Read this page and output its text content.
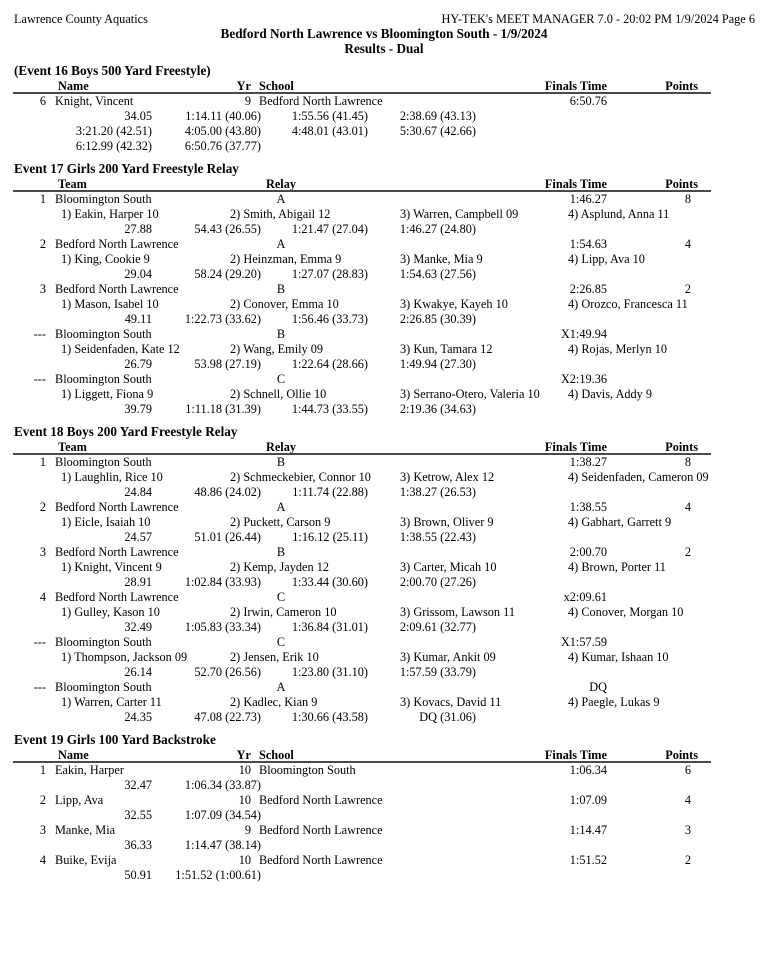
Lawrence County Aquatics	HY-TEK's MEET MANAGER 7.0 - 20:02 PM 1/9/2024 Page 6
Bedford North Lawrence vs Bloomington South - 1/9/2024
Results - Dual
(Event 16 Boys 500 Yard Freestyle)
Name	Yr School	Finals Time	Points
6 Knight, Vincent	9 Bedford North Lawrence	6:50.76
34.05	1:14.11 (40.06)	1:55.56 (41.45)	2:38.69 (43.13)
3:21.20 (42.51)	4:05.00 (43.80)	4:48.01 (43.01)	5:30.67 (42.66)
6:12.99 (42.32)	6:50.76 (37.77)
Event 17 Girls 200 Yard Freestyle Relay
Team	Relay	Finals Time	Points
1 Bloomington South	A	1:46.27	8
1) Eakin, Harper 10	2) Smith, Abigail 12	3) Warren, Campbell 09	4) Asplund, Anna 11
27.88	54.43 (26.55)	1:21.47 (27.04)	1:46.27 (24.80)
2 Bedford North Lawrence	A	1:54.63	4
1) King, Cookie 9	2) Heinzman, Emma 9	3) Manke, Mia 9	4) Lipp, Ava 10
29.04	58.24 (29.20)	1:27.07 (28.83)	1:54.63 (27.56)
3 Bedford North Lawrence	B	2:26.85	2
1) Mason, Isabel 10	2) Conover, Emma 10	3) Kwakye, Kayeh 10	4) Orozco, Francesca 11
49.11	1:22.73 (33.62)	1:56.46 (33.73)	2:26.85 (30.39)
--- Bloomington South	B	X1:49.94
1) Seidenfaden, Kate 12	2) Wang, Emily 09	3) Kun, Tamara 12	4) Rojas, Merlyn 10
26.79	53.98 (27.19)	1:22.64 (28.66)	1:49.94 (27.30)
--- Bloomington South	C	X2:19.36
1) Liggett, Fiona 9	2) Schnell, Ollie 10	3) Serrano-Otero, Valeria 10 4) Davis, Addy 9
39.79	1:11.18 (31.39)	1:44.73 (33.55)	2:19.36 (34.63)
Event 18 Boys 200 Yard Freestyle Relay
Team	Relay	Finals Time	Points
1 Bloomington South	B	1:38.27	8
1) Laughlin, Rice 10	2) Schmeckebier, Connor 10 3) Ketrow, Alex 12	4) Seidenfaden, Cameron 09
24.84	48.86 (24.02)	1:11.74 (22.88)	1:38.27 (26.53)
2 Bedford North Lawrence	A	1:38.55	4
1) Eicle, Isaiah 10	2) Puckett, Carson 9	3) Brown, Oliver 9	4) Gabhart, Garrett 9
24.57	51.01 (26.44)	1:16.12 (25.11)	1:38.55 (22.43)
3 Bedford North Lawrence	B	2:00.70	2
1) Knight, Vincent 9	2) Kemp, Jayden 12	3) Carter, Micah 10	4) Brown, Porter 11
28.91	1:02.84 (33.93)	1:33.44 (30.60)	2:00.70 (27.26)
4 Bedford North Lawrence	C	x2:09.61
1) Gulley, Kason 10	2) Irwin, Cameron 10	3) Grissom, Lawson 11	4) Conover, Morgan 10
32.49	1:05.83 (33.34)	1:36.84 (31.01)	2:09.61 (32.77)
--- Bloomington South	C	X1:57.59
1) Thompson, Jackson 09	2) Jensen, Erik 10	3) Kumar, Ankit 09	4) Kumar, Ishaan 10
26.14	52.70 (26.56)	1:23.80 (31.10)	1:57.59 (33.79)
--- Bloomington South	A	DQ
1) Warren, Carter 11	2) Kadlec, Kian 9	3) Kovacs, David 11	4) Paegle, Lukas 9
24.35	47.08 (22.73)	1:30.66 (43.58)	DQ (31.06)
Event 19 Girls 100 Yard Backstroke
Name	Yr School	Finals Time	Points
1 Eakin, Harper	10 Bloomington South	1:06.34	6
32.47	1:06.34 (33.87)
2 Lipp, Ava	10 Bedford North Lawrence	1:07.09	4
32.55	1:07.09 (34.54)
3 Manke, Mia	9 Bedford North Lawrence	1:14.47	3
36.33	1:14.47 (38.14)
4 Buike, Evija	10 Bedford North Lawrence	1:51.52	2
50.91 1:51.52 (1:00.61)
